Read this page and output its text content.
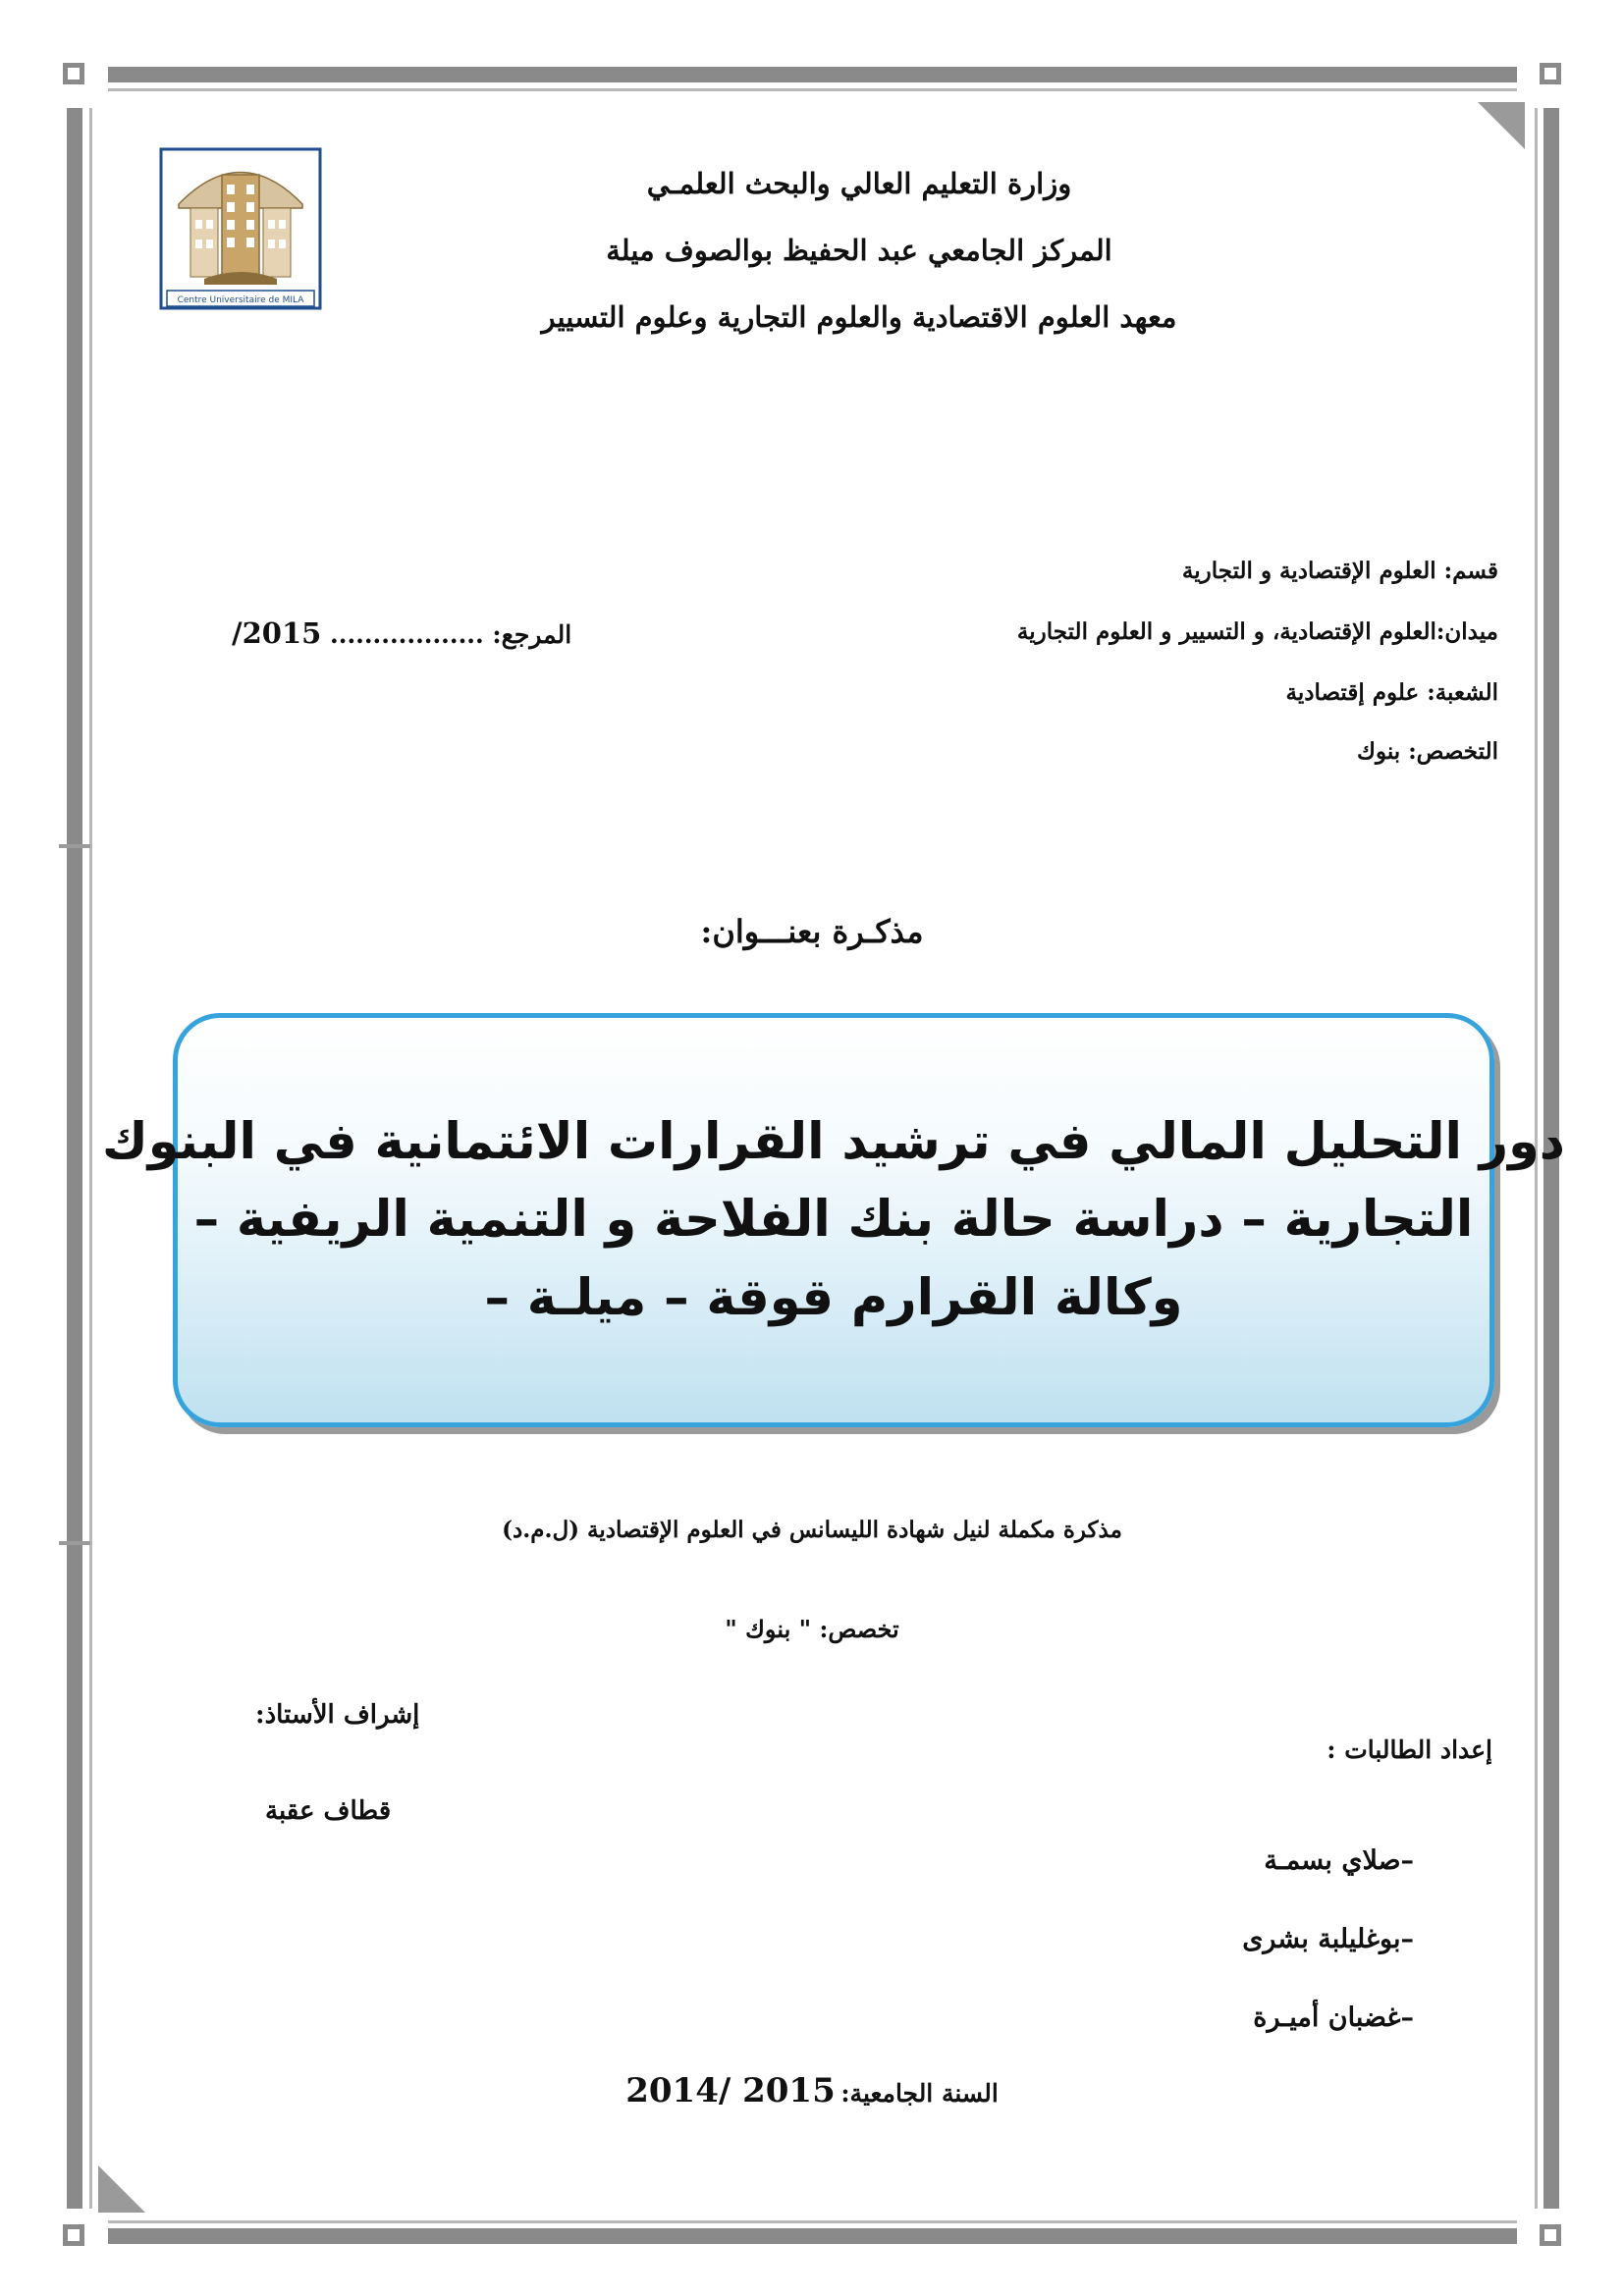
Centre Universitaire de MILA
وزارة التعليم العالي والبحث العلمـي
المركز الجامعي عبد الحفيظ بوالصوف ميلة
معهد العلوم الاقتصادية والعلوم التجارية وعلوم التسيير
قسم: العلوم الإقتصادية و التجارية
ميدان:العلوم الإقتصادية، و التسيير و العلوم التجارية
الشعبة: علوم إقتصادية
التخصص: بنوك
المرجع: .................. /2015
مذكـرة بعنـــوان:
دور التحليل المالي في ترشيد القرارات الائتمانية في البنوك
التجارية – دراسة حالة بنك الفلاحة و التنمية الريفية –
وكالة القرارم قوقة – ميلـة –
مذكرة مكملة لنيل شهادة الليسانس في العلوم الإقتصادية (ل.م.د)
تخصص: " بنوك "
إشراف الأستاذ:
قطاف عقبة
إعداد الطالبات :
–صلاي بسمـة
–بوغليلبة بشرى
–غضبان أميـرة
السنة الجامعية: 2014/ 2015
